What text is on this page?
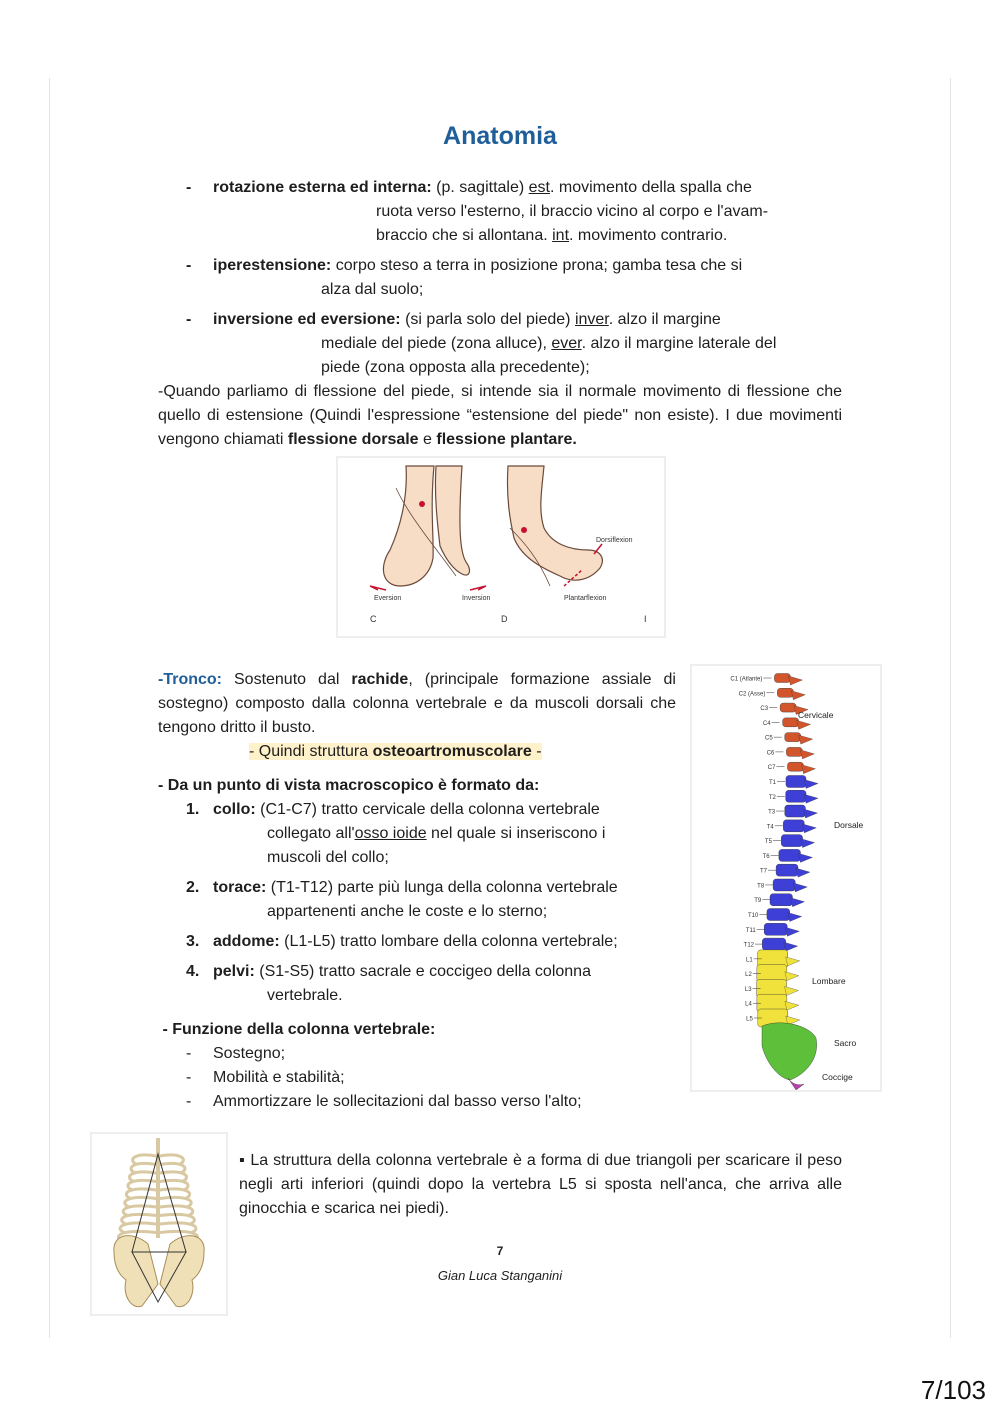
Anatomia
- rotazione esterna ed interna: (p. sagittale) est. movimento della spalla che
ruota verso l'esterno, il braccio vicino al corpo e l'avam-
braccio che si allontana. int. movimento contrario.
- iperestensione: corpo steso a terra in posizione prona; gamba tesa che si
alza dal suolo;
- inversione ed eversione: (si parla solo del piede) inver. alzo il margine
mediale del piede (zona alluce), ever. alzo il margine laterale del
piede (zona opposta alla precedente);
-Quando parliamo di flessione del piede, si intende sia il normale movimento di flessione che quello di estensione (Quindi l'espressione “estensione del piede" non esiste). I due movimenti vengono chiamati flessione dorsale e flessione plantare.
Eversion	Inversion	Plantarflexion
Dorsiflexion
C	D	I
-Tronco: Sostenuto dal rachide, (principale formazione assiale di sostegno) composto dalla colonna vertebrale e da muscoli dorsali che tengono dritto il busto.
- Quindi struttura osteoartromuscolare -
- Da un punto di vista macroscopico è formato da:
1. collo: (C1-C7) tratto cervicale della colonna vertebrale
collegato all'osso ioide nel quale si inseriscono i
muscoli del collo;
2. torace: (T1-T12) parte più lunga della colonna vertebrale
appartenenti anche le coste e lo sterno;
3. addome: (L1-L5) tratto lombare della colonna vertebrale;
4. pelvi: (S1-S5) tratto sacrale e coccigeo della colonna
vertebrale.
- Funzione della colonna vertebrale:
- Sostegno;
- Mobilità e stabilità;
- Ammortizzare le sollecitazioni dal basso verso l'alto;
C1 (Atlante)
C2 (Asse)
C3
C4
C5
C6
C7
T1
T2
T3
T4
T5
T6
T7
T8
T9
T10
T11
T12
L1
L2
L3
L4
L5
Cervicale
Dorsale
Lombare
Sacro
Coccige
▪ La struttura della colonna vertebrale è a forma di due triangoli per scaricare il peso negli arti inferiori (quindi dopo la vertebra L5 si sposta nell'anca, che arriva alle ginocchia e scarica nei piedi).
7
Gian Luca Stanganini
7/103
